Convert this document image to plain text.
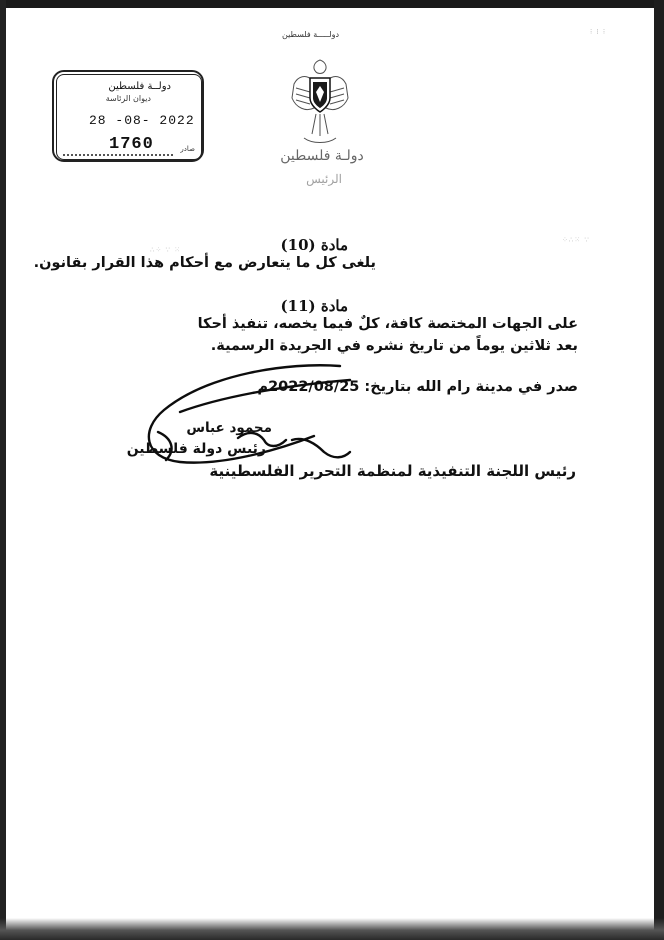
∴⁘ ∵ ⁙
⁘∴⁙ ∵
⁝ ⁞ ⁝
دولـــــة فلسطين
دولــة فلسطين
ديوان الرئاسة
28 -08- 2022
1760	صادر	دولـة فلسطين
الرئيس
مادة (10)
يلغى كل ما يتعارض مع أحكام هذا القرار بقانون.
مادة (11)
على الجهات المختصة كافة، كلٌ فيما يخصه، تنفيذ أحكا
بعد ثلاثين يوماً من تاريخ نشره في الجريدة الرسمية.
صدر في مدينة رام الله بتاريخ: 2022/08/25م
محمود عباس
رئيس دولة فلسطين
رئيس اللجنة التنفيذية لمنظمة التحرير الفلسطينية
